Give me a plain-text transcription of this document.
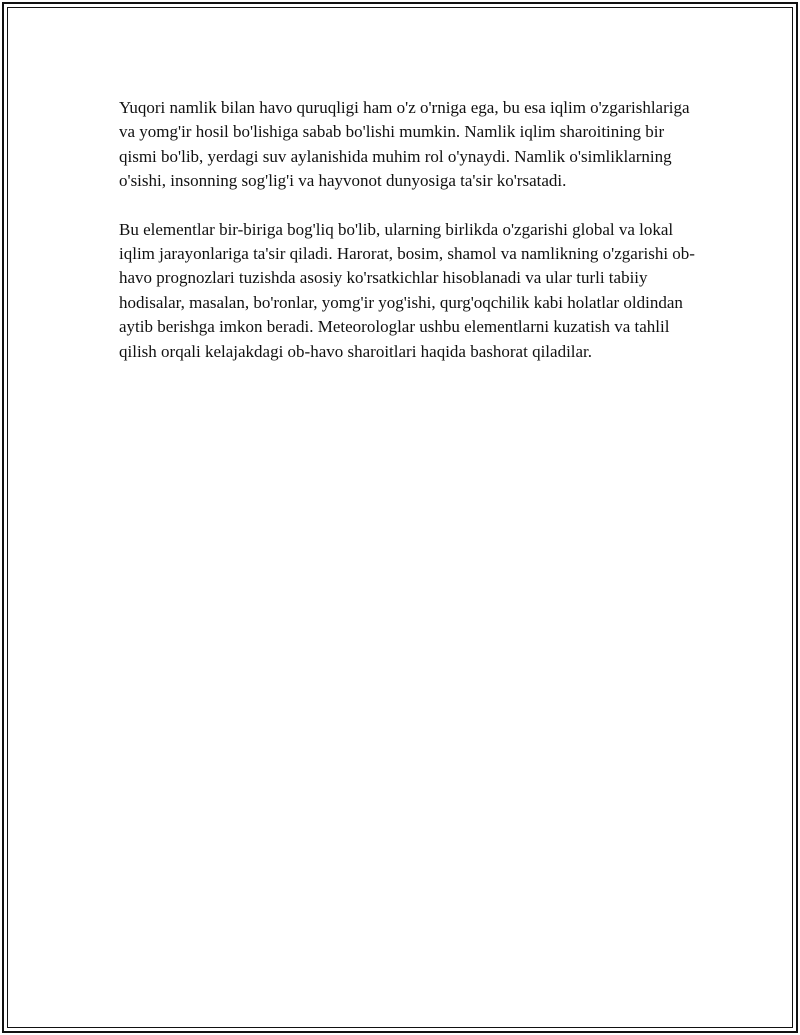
Yuqori namlik bilan havo quruqligi ham o'z o'rniga ega, bu esa iqlim o'zgarishlariga va yomg'ir hosil bo'lishiga sabab bo'lishi mumkin. Namlik iqlim sharoitining bir qismi bo'lib, yerdagi suv aylanishida muhim rol o'ynaydi. Namlik o'simliklarning o'sishi, insonning sog'lig'i va hayvonot dunyosiga ta'sir ko'rsatadi.

Bu elementlar bir-biriga bog'liq bo'lib, ularning birlikda o'zgarishi global va lokal iqlim jarayonlariga ta'sir qiladi. Harorat, bosim, shamol va namlikning o'zgarishi ob-havo prognozlari tuzishda asosiy ko'rsatkichlar hisoblanadi va ular turli tabiiy hodisalar, masalan, bo'ronlar, yomg'ir yog'ishi, qurg'oqchilik kabi holatlar oldindan aytib berishga imkon beradi. Meteorologlar ushbu elementlarni kuzatish va tahlil qilish orqali kelajakdagi ob-havo sharoitlari haqida bashorat qiladilar.
